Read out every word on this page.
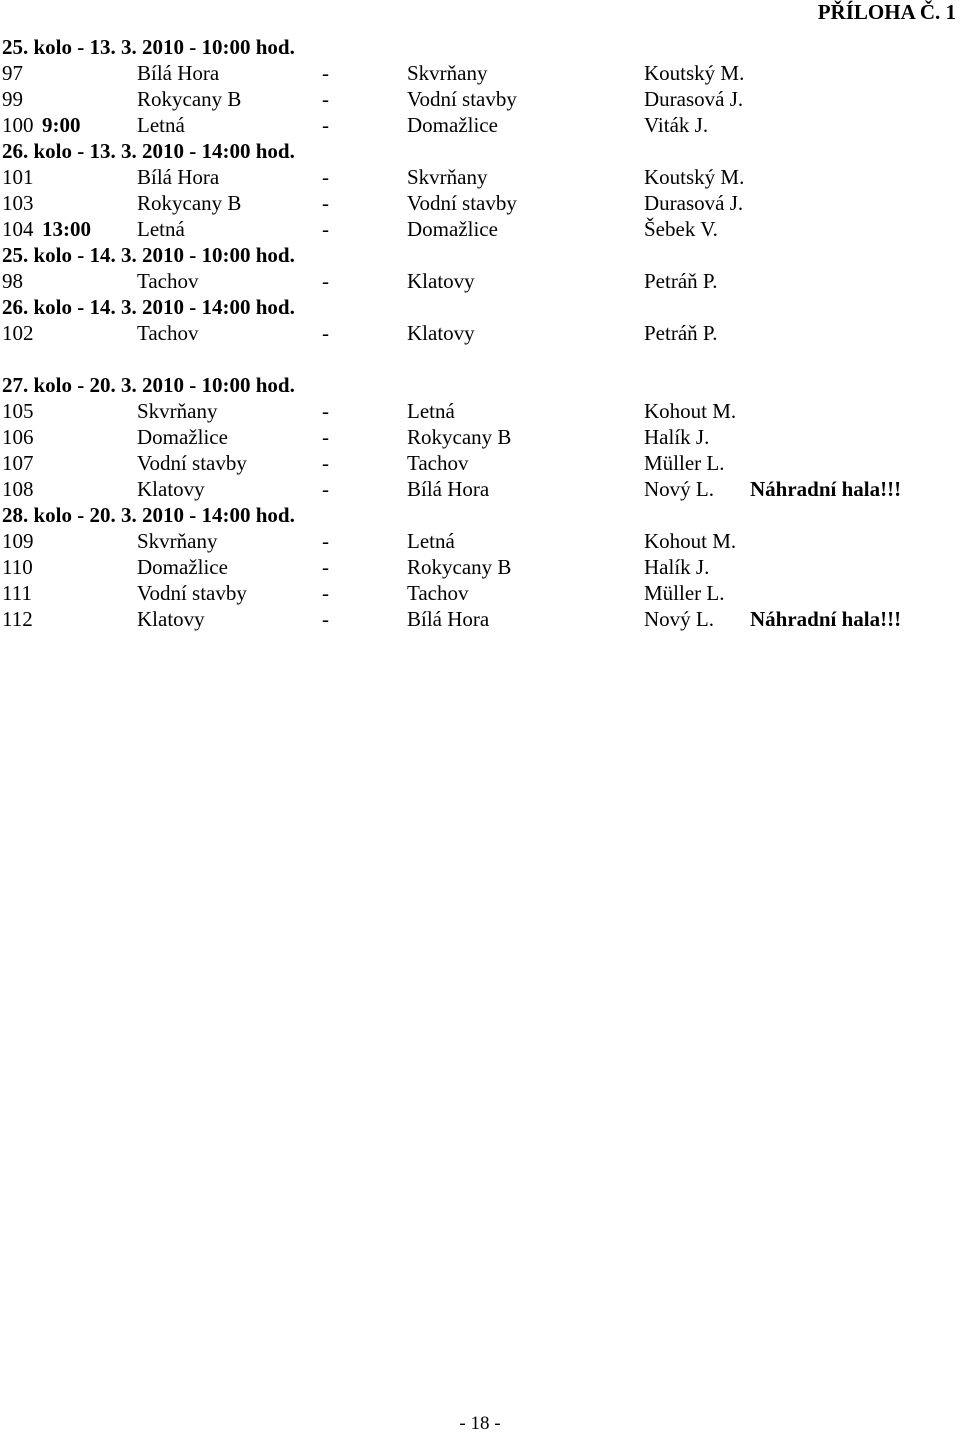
PŘÍLOHA Č. 1
25. kolo - 13. 3. 2010 - 10:00 hod.
97	Bílá Hora	-	Skvrňany	Koutský M.
99	Rokycany B	-	Vodní stavby	Durasová J.
100 9:00	Letná	-	Domažlice	Viták J.
26. kolo - 13. 3. 2010 - 14:00 hod.
101	Bílá Hora	-	Skvrňany	Koutský M.
103	Rokycany B	-	Vodní stavby	Durasová J.
104 13:00 Letná	-	Domažlice	Šebek V.
25. kolo - 14. 3. 2010 - 10:00 hod.
98	Tachov	-	Klatovy	Petráň P.
26. kolo - 14. 3. 2010 - 14:00 hod.
102	Tachov	-	Klatovy	Petráň P.
27. kolo - 20. 3. 2010 - 10:00 hod.
105	Skvrňany	-	Letná	Kohout M.
106	Domažlice	-	Rokycany B	Halík J.
107	Vodní stavby	-	Tachov	Müller L.
108	Klatovy	-	Bílá Hora	Nový L. Náhradní hala!!!
28. kolo - 20. 3. 2010 - 14:00 hod.
109	Skvrňany	-	Letná	Kohout M.
110	Domažlice	-	Rokycany B	Halík J.
111	Vodní stavby	-	Tachov	Müller L.
112	Klatovy	-	Bílá Hora	Nový L. Náhradní hala!!!
- 18 -
